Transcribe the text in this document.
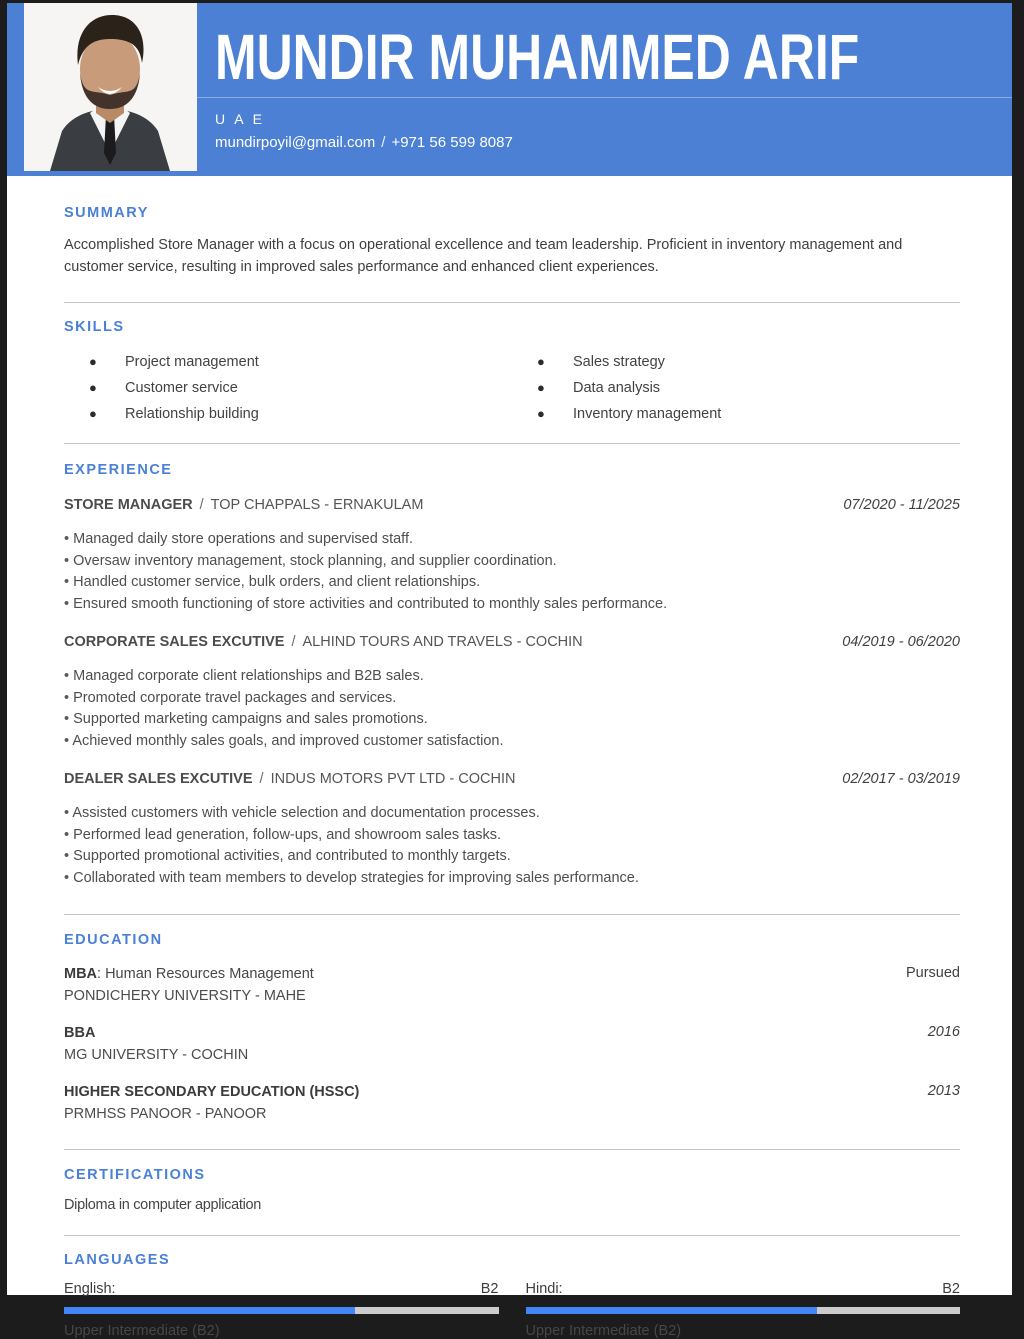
MUNDIR MUHAMMED ARIF
U A E
mundirpoyil@gmail.com / +971 56 599 8087
SUMMARY
Accomplished Store Manager with a focus on operational excellence and team leadership. Proficient in inventory management and customer service, resulting in improved sales performance and enhanced client experiences.
SKILLS
● Project management
● Customer service
● Relationship building
● Sales strategy
● Data analysis
● Inventory management
EXPERIENCE
STORE MANAGER / TOP CHAPPALS - ERNAKULAM	07/2020 - 11/2025
• Managed daily store operations and supervised staff.
• Oversaw inventory management, stock planning, and supplier coordination.
• Handled customer service, bulk orders, and client relationships.
• Ensured smooth functioning of store activities and contributed to monthly sales performance.
CORPORATE SALES EXCUTIVE / ALHIND TOURS AND TRAVELS - COCHIN	04/2019 - 06/2020
• Managed corporate client relationships and B2B sales.
• Promoted corporate travel packages and services.
• Supported marketing campaigns and sales promotions.
• Achieved monthly sales goals, and improved customer satisfaction.
DEALER SALES EXCUTIVE / INDUS MOTORS PVT LTD - COCHIN	02/2017 - 03/2019
• Assisted customers with vehicle selection and documentation processes.
• Performed lead generation, follow-ups, and showroom sales tasks.
• Supported promotional activities, and contributed to monthly targets.
• Collaborated with team members to develop strategies for improving sales performance.
EDUCATION
MBA: Human Resources Management
PONDICHERY UNIVERSITY - MAHE
Pursued
BBA
MG UNIVERSITY - COCHIN
2016
HIGHER SECONDARY EDUCATION (HSSC)
PRMHSS PANOOR - PANOOR
2013
CERTIFICATIONS
Diploma in computer application
LANGUAGES
English:	B2
Upper Intermediate (B2)
Hindi:	B2
Upper Intermediate (B2)
